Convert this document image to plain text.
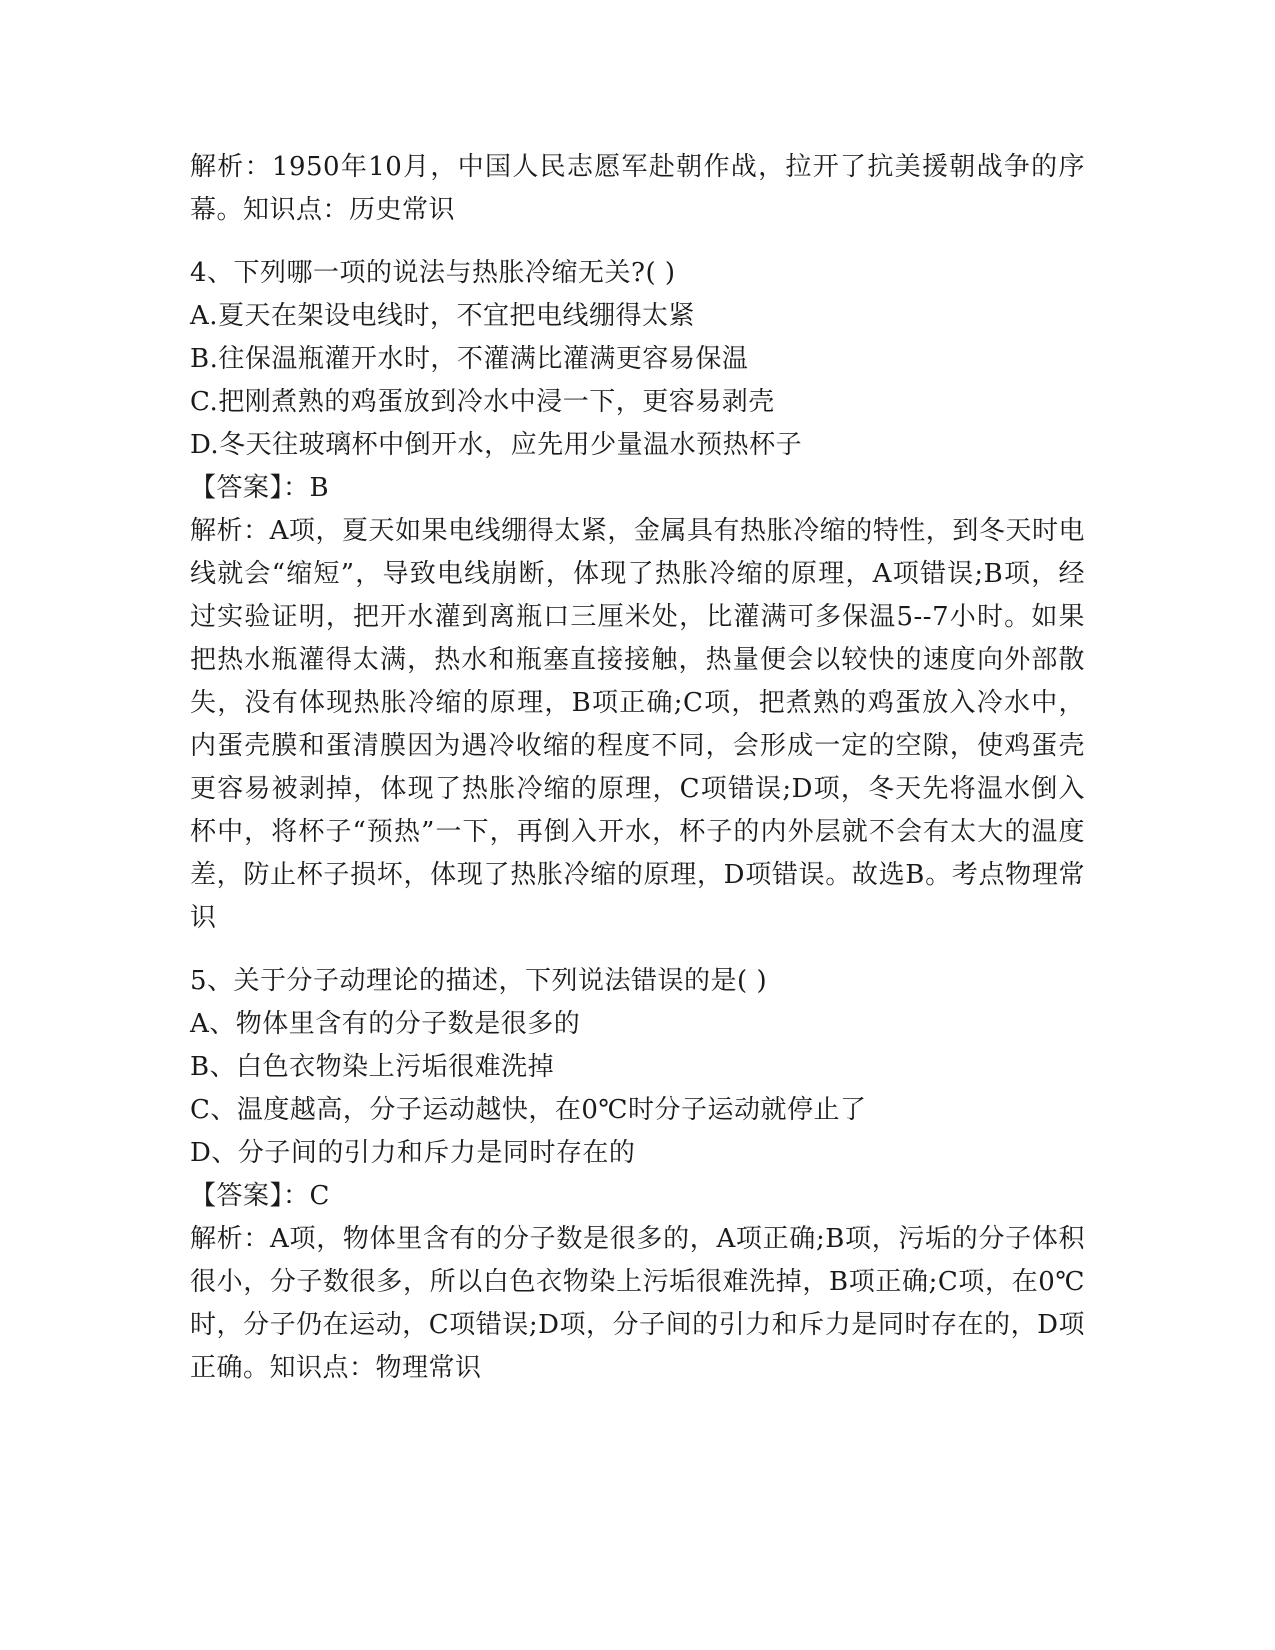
解析：1950年10月，中国人民志愿军赴朝作战，拉开了抗美援朝战争的序幕。知识点：历史常识

4、下列哪一项的说法与热胀冷缩无关?( )

A.夏天在架设电线时，不宜把电线绷得太紧

B.往保温瓶灌开水时，不灌满比灌满更容易保温

C.把刚煮熟的鸡蛋放到冷水中浸一下，更容易剥壳

D.冬天往玻璃杯中倒开水，应先用少量温水预热杯子

【答案】：B

解析：A项，夏天如果电线绷得太紧，金属具有热胀冷缩的特性，到冬天时电线就会“缩短”，导致电线崩断，体现了热胀冷缩的原理，A项错误;B项，经过实验证明，把开水灌到离瓶口三厘米处，比灌满可多保温5--7小时。如果把热水瓶灌得太满，热水和瓶塞直接接触，热量便会以较快的速度向外部散失，没有体现热胀冷缩的原理，B项正确;C项，把煮熟的鸡蛋放入冷水中，内蛋壳膜和蛋清膜因为遇冷收缩的程度不同，会形成一定的空隙，使鸡蛋壳更容易被剥掉，体现了热胀冷缩的原理，C项错误;D项，冬天先将温水倒入杯中，将杯子“预热”一下，再倒入开水，杯子的内外层就不会有太大的温度差，防止杯子损坏，体现了热胀冷缩的原理，D项错误。故选B。考点物理常识

5、关于分子动理论的描述，下列说法错误的是( )

A、物体里含有的分子数是很多的

B、白色衣物染上污垢很难洗掉

C、温度越高，分子运动越快，在0℃时分子运动就停止了

D、分子间的引力和斥力是同时存在的

【答案】：C

解析：A项，物体里含有的分子数是很多的，A项正确;B项，污垢的分子体积很小，分子数很多，所以白色衣物染上污垢很难洗掉，B项正确;C项，在0℃时，分子仍在运动，C项错误;D项，分子间的引力和斥力是同时存在的，D项正确。知识点：物理常识
